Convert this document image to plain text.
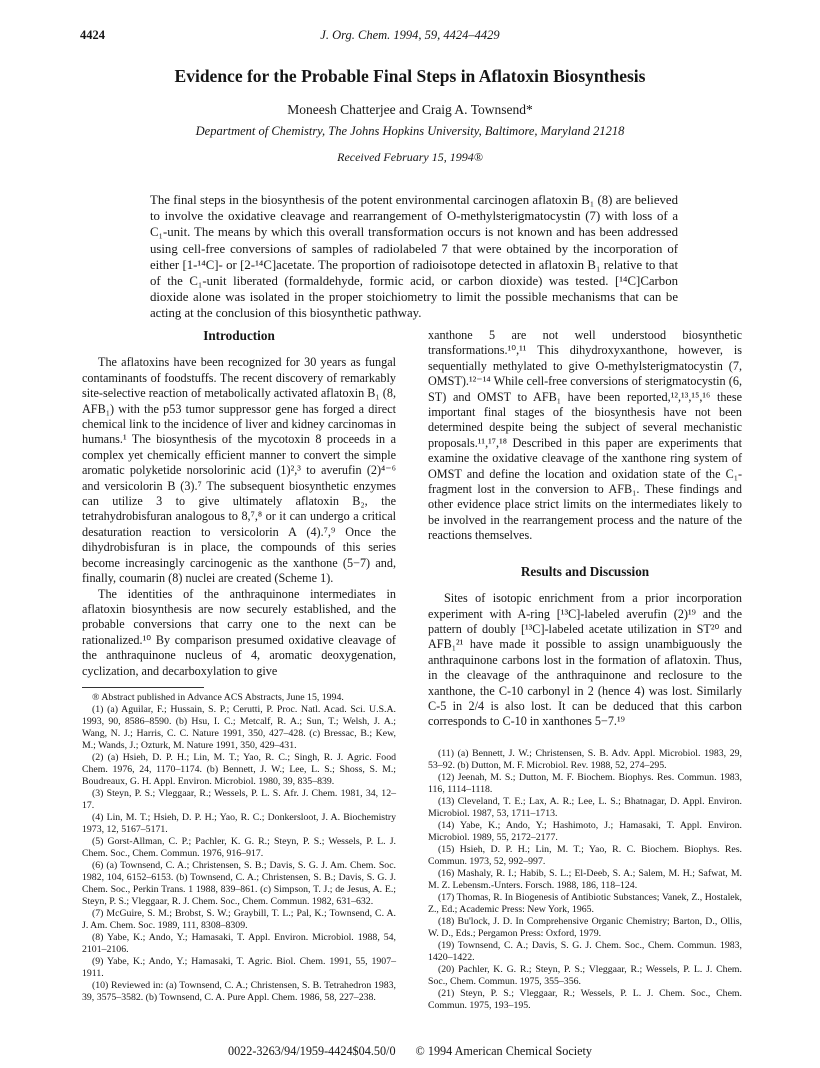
4424	J. Org. Chem. 1994, 59, 4424–4429
Evidence for the Probable Final Steps in Aflatoxin Biosynthesis
Moneesh Chatterjee and Craig A. Townsend*
Department of Chemistry, The Johns Hopkins University, Baltimore, Maryland 21218
Received February 15, 1994®

The final steps in the biosynthesis of the potent environmental carcinogen aflatoxin B₁ (8) are believed to involve the oxidative cleavage and rearrangement of O-methylsterigmatocystin (7) with loss of a C₁-unit. The means by which this overall transformation occurs is not known and has been addressed using cell-free conversions of samples of radiolabeled 7 that were obtained by the incorporation of either [1-¹⁴C]- or [2-¹⁴C]acetate. The proportion of radioisotope detected in aflatoxin B₁ relative to that of the C₁-unit liberated (formaldehyde, formic acid, or carbon dioxide) was tested. [¹⁴C]Carbon dioxide alone was isolated in the proper stoichiometry to limit the possible mechanisms that can be acting at the conclusion of this biosynthetic pathway.

Introduction

The aflatoxins have been recognized for 30 years as fungal contaminants of foodstuffs. The recent discovery of remarkably site-selective reaction of metabolically activated aflatoxin B₁ (8, AFB₁) with the p53 tumor suppressor gene has forged a direct chemical link to the incidence of liver and kidney carcinomas in humans.¹ The biosynthesis of the mycotoxin 8 proceeds in a complex yet chemically efficient manner to convert the simple aromatic polyketide norsolorinic acid (1)²,³ to averufin (2)⁴⁻⁶ and versicolorin B (3).⁷ The subsequent biosynthetic enzymes can utilize 3 to give ultimately aflatoxin B₂, the tetrahydrobisfuran analogous to 8,⁷,⁸ or it can undergo a critical desaturation reaction to versicolorin A (4).⁷,⁹ Once the dihydrobisfuran is in place, the compounds of this series become increasingly carcinogenic as the xanthone (5−7) and, finally, coumarin (8) nuclei are created (Scheme 1).

The identities of the anthraquinone intermediates in aflatoxin biosynthesis are now securely established, and the probable conversions that carry one to the next can be rationalized.¹⁰ By comparison presumed oxidative cleavage of the anthraquinone nucleus of 4, aromatic deoxygenation, cyclization, and decarboxylation to give

® Abstract published in Advance ACS Abstracts, June 15, 1994.

(1) (a) Aguilar, F.; Hussain, S. P.; Cerutti, P. Proc. Natl. Acad. Sci. U.S.A. 1993, 90, 8586–8590. (b) Hsu, I. C.; Metcalf, R. A.; Sun, T.; Welsh, J. A.; Wang, N. J.; Harris, C. C. Nature 1991, 350, 427–428. (c) Bressac, B.; Kew, M.; Wands, J.; Ozturk, M. Nature 1991, 350, 429–431.

(2) (a) Hsieh, D. P. H.; Lin, M. T.; Yao, R. C.; Singh, R. J. Agric. Food Chem. 1976, 24, 1170–1174. (b) Bennett, J. W.; Lee, L. S.; Shoss, S. M.; Boudreaux, G. H. Appl. Environ. Microbiol. 1980, 39, 835–839.

(3) Steyn, P. S.; Vleggaar, R.; Wessels, P. L. S. Afr. J. Chem. 1981, 34, 12–17.

(4) Lin, M. T.; Hsieh, D. P. H.; Yao, R. C.; Donkersloot, J. A. Biochemistry 1973, 12, 5167–5171.

(5) Gorst-Allman, C. P.; Pachler, K. G. R.; Steyn, P. S.; Wessels, P. L. J. Chem. Soc., Chem. Commun. 1976, 916–917.

(6) (a) Townsend, C. A.; Christensen, S. B.; Davis, S. G. J. Am. Chem. Soc. 1982, 104, 6152–6153. (b) Townsend, C. A.; Christensen, S. B.; Davis, S. G. J. Chem. Soc., Perkin Trans. 1 1988, 839–861. (c) Simpson, T. J.; de Jesus, A. E.; Steyn, P. S.; Vleggaar, R. J. Chem. Soc., Chem. Commun. 1982, 631–632.

(7) McGuire, S. M.; Brobst, S. W.; Graybill, T. L.; Pal, K.; Townsend, C. A. J. Am. Chem. Soc. 1989, 111, 8308–8309.

(8) Yabe, K.; Ando, Y.; Hamasaki, T. Appl. Environ. Microbiol. 1988, 54, 2101–2106.

(9) Yabe, K.; Ando, Y.; Hamasaki, T. Agric. Biol. Chem. 1991, 55, 1907–1911.

(10) Reviewed in: (a) Townsend, C. A.; Christensen, S. B. Tetrahedron 1983, 39, 3575–3582. (b) Townsend, C. A. Pure Appl. Chem. 1986, 58, 227–238.

xanthone 5 are not well understood biosynthetic transformations.¹⁰,¹¹ This dihydroxyxanthone, however, is sequentially methylated to give O-methylsterigmatocystin (7, OMST).¹²⁻¹⁴ While cell-free conversions of sterigmatocystin (6, ST) and OMST to AFB₁ have been reported,¹²,¹³,¹⁵,¹⁶ these important final stages of the biosynthesis have not been determined despite being the subject of several mechanistic proposals.¹¹,¹⁷,¹⁸ Described in this paper are experiments that examine the oxidative cleavage of the xanthone ring system of OMST and define the location and oxidation state of the C₁-fragment lost in the conversion to AFB₁. These findings and other evidence place strict limits on the intermediates likely to be involved in the rearrangement process and the nature of the reactions themselves.

Results and Discussion

Sites of isotopic enrichment from a prior incorporation experiment with A-ring [¹³C]-labeled averufin (2)¹⁹ and the pattern of doubly [¹³C]-labeled acetate utilization in ST²⁰ and AFB₁²¹ have made it possible to assign unambiguously the anthraquinone carbons lost in the formation of aflatoxin. Thus, in the cleavage of the anthraquinone and reclosure to the xanthone, the C-10 carbonyl in 2 (hence 4) was lost. Similarly C-5 in 2/4 is also lost. It can be deduced that this carbon corresponds to C-10 in xanthones 5−7.¹⁹

(11) (a) Bennett, J. W.; Christensen, S. B. Adv. Appl. Microbiol. 1983, 29, 53–92. (b) Dutton, M. F. Microbiol. Rev. 1988, 52, 274–295.

(12) Jeenah, M. S.; Dutton, M. F. Biochem. Biophys. Res. Commun. 1983, 116, 1114–1118.

(13) Cleveland, T. E.; Lax, A. R.; Lee, L. S.; Bhatnagar, D. Appl. Environ. Microbiol. 1987, 53, 1711–1713.

(14) Yabe, K.; Ando, Y.; Hashimoto, J.; Hamasaki, T. Appl. Environ. Microbiol. 1989, 55, 2172–2177.

(15) Hsieh, D. P. H.; Lin, M. T.; Yao, R. C. Biochem. Biophys. Res. Commun. 1973, 52, 992–997.

(16) Mashaly, R. I.; Habib, S. L.; El-Deeb, S. A.; Salem, M. H.; Safwat, M. M. Z. Lebensm.-Unters. Forsch. 1988, 186, 118–124.

(17) Thomas, R. In Biogenesis of Antibiotic Substances; Vanek, Z., Hostalek, Z., Ed.; Academic Press: New York, 1965.

(18) Bu'lock, J. D. In Comprehensive Organic Chemistry; Barton, D., Ollis, W. D., Eds.; Pergamon Press: Oxford, 1979.

(19) Townsend, C. A.; Davis, S. G. J. Chem. Soc., Chem. Commun. 1983, 1420–1422.

(20) Pachler, K. G. R.; Steyn, P. S.; Vleggaar, R.; Wessels, P. L. J. Chem. Soc., Chem. Commun. 1975, 355–356.

(21) Steyn, P. S.; Vleggaar, R.; Wessels, P. L. J. Chem. Soc., Chem. Commun. 1975, 193–195.

0022-3263/94/1959-4424$04.50/0 © 1994 American Chemical Society
